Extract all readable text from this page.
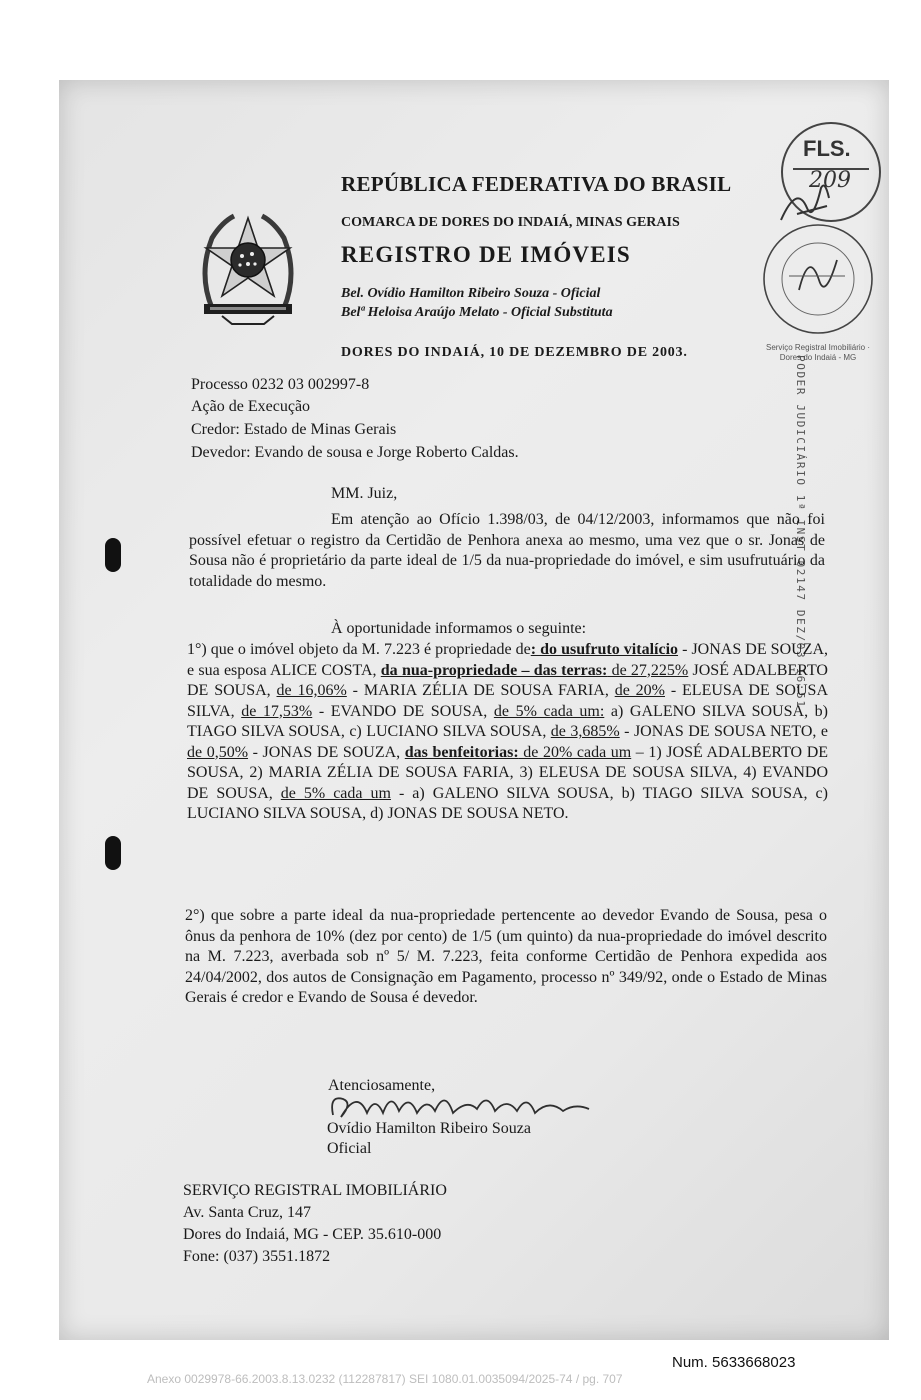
REPÚBLICA FEDERATIVA DO BRASIL
COMARCA DE DORES DO INDAIÁ, MINAS GERAIS
REGISTRO DE IMÓVEIS
Bel. Ovídio Hamilton Ribeiro Souza - Oficial
Belª Heloisa Araújo Melato - Oficial Substituta
DORES DO INDAIÁ, 10 DE DEZEMBRO DE 2003.
FLS.
209
Serviço Registral Imobiliário · Dores do Indaiá - MG
PODER JUDICIÁRIO 1ª INST 02147 DEZ/03 16:51
Processo 0232 03 002997-8
Ação de Execução
Credor: Estado de Minas Gerais
Devedor: Evando de sousa e Jorge Roberto Caldas.
MM. Juiz,
Em atenção ao Ofício 1.398/03, de 04/12/2003, informamos que não foi possível efetuar o registro da Certidão de Penhora anexa ao mesmo, uma vez que o sr. Jonas de Sousa não é proprietário da parte ideal de 1/5 da nua-propriedade do imóvel, e sim usufrutuário da totalidade do mesmo.
À oportunidade informamos o seguinte:
1°) que o imóvel objeto da M. 7.223 é propriedade de: do usufruto vitalício - JONAS DE SOUZA, e sua esposa ALICE COSTA, da nua-propriedade – das terras: de 27,225% JOSÉ ADALBERTO DE SOUSA, de 16,06% - MARIA ZÉLIA DE SOUSA FARIA, de 20% - ELEUSA DE SOUSA SILVA, de 17,53% - EVANDO DE SOUSA, de 5% cada um: a) GALENO SILVA SOUSA, b) TIAGO SILVA SOUSA, c) LUCIANO SILVA SOUSA, de 3,685% - JONAS DE SOUSA NETO, e de 0,50% - JONAS DE SOUZA, das benfeitorias: de 20% cada um – 1) JOSÉ ADALBERTO DE SOUSA, 2) MARIA ZÉLIA DE SOUSA FARIA, 3) ELEUSA DE SOUSA SILVA, 4) EVANDO DE SOUSA, de 5% cada um - a) GALENO SILVA SOUSA, b) TIAGO SILVA SOUSA, c) LUCIANO SILVA SOUSA, d) JONAS DE SOUSA NETO.
2°) que sobre a parte ideal da nua-propriedade pertencente ao devedor Evando de Sousa, pesa o ônus da penhora de 10% (dez por cento) de 1/5 (um quinto) da nua-propriedade do imóvel descrito na M. 7.223, averbada sob nº 5/ M. 7.223, feita conforme Certidão de Penhora expedida aos 24/04/2002, dos autos de Consignação em Pagamento, processo nº 349/92, onde o Estado de Minas Gerais é credor e Evando de Sousa é devedor.
Atenciosamente,
Ovídio Hamilton Ribeiro Souza
Oficial
SERVIÇO REGISTRAL IMOBILIÁRIO
Av. Santa Cruz, 147
Dores do Indaiá, MG - CEP. 35.610-000
Fone: (037) 3551.1872
Num. 5633668023
Anexo 0029978-66.2003.8.13.0232 (112287817) SEI 1080.01.0035094/2025-74 / pg. 707
